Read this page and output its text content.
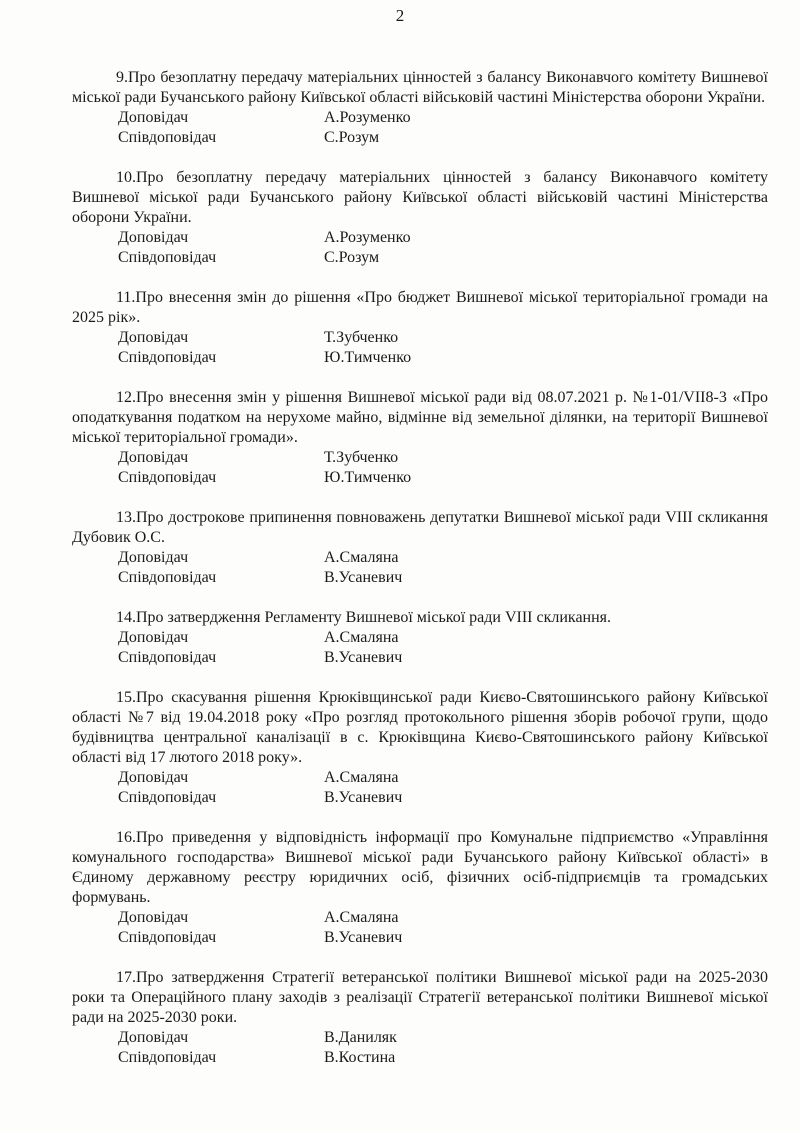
2

9.Про безоплатну передачу матеріальних цінностей з балансу Виконавчого комітету Вишневої міської ради Бучанського району Київської області військовій частині Міністерства оборони України.

Доповідач	А.Розуменко
Співдоповідач	С.Розум

10.Про безоплатну передачу матеріальних цінностей з балансу Виконавчого комітету Вишневої міської ради Бучанського району Київської області військовій частині Міністерства оборони України.

Доповідач	А.Розуменко
Співдоповідач	С.Розум

11.Про внесення змін до рішення «Про бюджет Вишневої міської територіальної громади на 2025 рік».

Доповідач	Т.Зубченко
Співдоповідач	Ю.Тимченко

12.Про внесення змін у рішення Вишневої міської ради від 08.07.2021 р. №1-01/VII8-3 «Про оподаткування податком на нерухоме майно, відмінне від земельної ділянки, на території Вишневої міської територіальної громади».

Доповідач	Т.Зубченко
Співдоповідач	Ю.Тимченко

13.Про дострокове припинення повноважень депутатки Вишневої міської ради VIII скликання Дубовик О.С.

Доповідач	А.Смаляна
Співдоповідач	В.Усаневич

14.Про затвердження Регламенту Вишневої міської ради VIII скликання.

Доповідач	А.Смаляна
Співдоповідач	В.Усаневич

15.Про скасування рішення Крюківщинської ради Києво-Святошинського району Київської області №7 від 19.04.2018 року «Про розгляд протокольного рішення зборів робочої групи, щодо будівництва центральної каналізації в с. Крюківщина Києво-Святошинського району Київської області від 17 лютого 2018 року».

Доповідач	А.Смаляна
Співдоповідач	В.Усаневич

16.Про приведення у відповідність інформації про Комунальне підприємство «Управління комунального господарства» Вишневої міської ради Бучанського району Київської області» в Єдиному державному реєстру юридичних осіб, фізичних осіб-підприємців та громадських формувань.

Доповідач	А.Смаляна
Співдоповідач	В.Усаневич

17.Про затвердження Стратегії ветеранської політики Вишневої міської ради на 2025-2030 роки та Операційного плану заходів з реалізації Стратегії ветеранської політики Вишневої міської ради на 2025-2030 роки.

Доповідач	В.Даниляк
Співдоповідач	В.Костина
